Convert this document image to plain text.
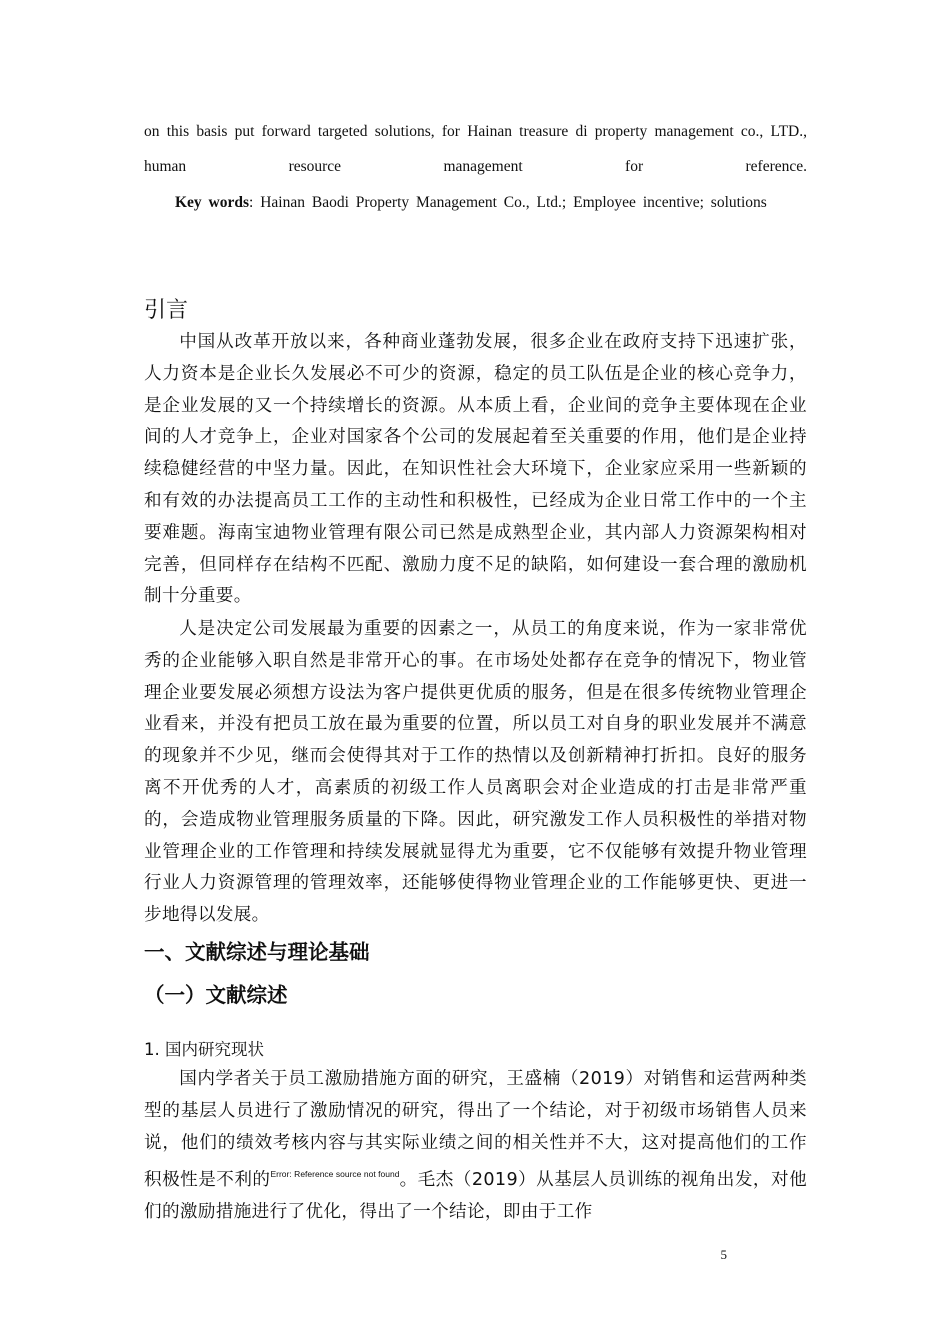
on this basis put forward targeted solutions, for Hainan treasure di property management co., LTD., human resource management for reference.
Key words: Hainan Baodi Property Management Co., Ltd.; Employee incentive; solutions
引言
中国从改革开放以来，各种商业蓬勃发展，很多企业在政府支持下迅速扩张，人力资本是企业长久发展必不可少的资源，稳定的员工队伍是企业的核心竞争力，是企业发展的又一个持续增长的资源。从本质上看，企业间的竞争主要体现在企业间的人才竞争上，企业对国家各个公司的发展起着至关重要的作用，他们是企业持续稳健经营的中坚力量。因此，在知识性社会大环境下，企业家应采用一些新颖的和有效的办法提高员工工作的主动性和积极性，已经成为企业日常工作中的一个主要难题。海南宝迪物业管理有限公司已然是成熟型企业，其内部人力资源架构相对完善，但同样存在结构不匹配、激励力度不足的缺陷，如何建设一套合理的激励机制十分重要。
人是决定公司发展最为重要的因素之一，从员工的角度来说，作为一家非常优秀的企业能够入职自然是非常开心的事。在市场处处都存在竞争的情况下，物业管理企业要发展必须想方设法为客户提供更优质的服务，但是在很多传统物业管理企业看来，并没有把员工放在最为重要的位置，所以员工对自身的职业发展并不满意的现象并不少见，继而会使得其对于工作的热情以及创新精神打折扣。良好的服务离不开优秀的人才，高素质的初级工作人员离职会对企业造成的打击是非常严重的，会造成物业管理服务质量的下降。因此，研究激发工作人员积极性的举措对物业管理企业的工作管理和持续发展就显得尤为重要，它不仅能够有效提升物业管理行业人力资源管理的管理效率，还能够使得物业管理企业的工作能够更快、更进一步地得以发展。
一、文献综述与理论基础
（一）文献综述
1. 国内研究现状
国内学者关于员工激励措施方面的研究，王盛楠（2019）对销售和运营两种类型的基层人员进行了激励情况的研究，得出了一个结论，对于初级市场销售人员来说，他们的绩效考核内容与其实际业绩之间的相关性并不大，这对提高他们的工作积极性是不利的$^{Error: Reference source not found}$。毛杰（2019）从基层人员训练的视角出发，对他们的激励措施进行了优化，得出了一个结论，即由于工作
5
